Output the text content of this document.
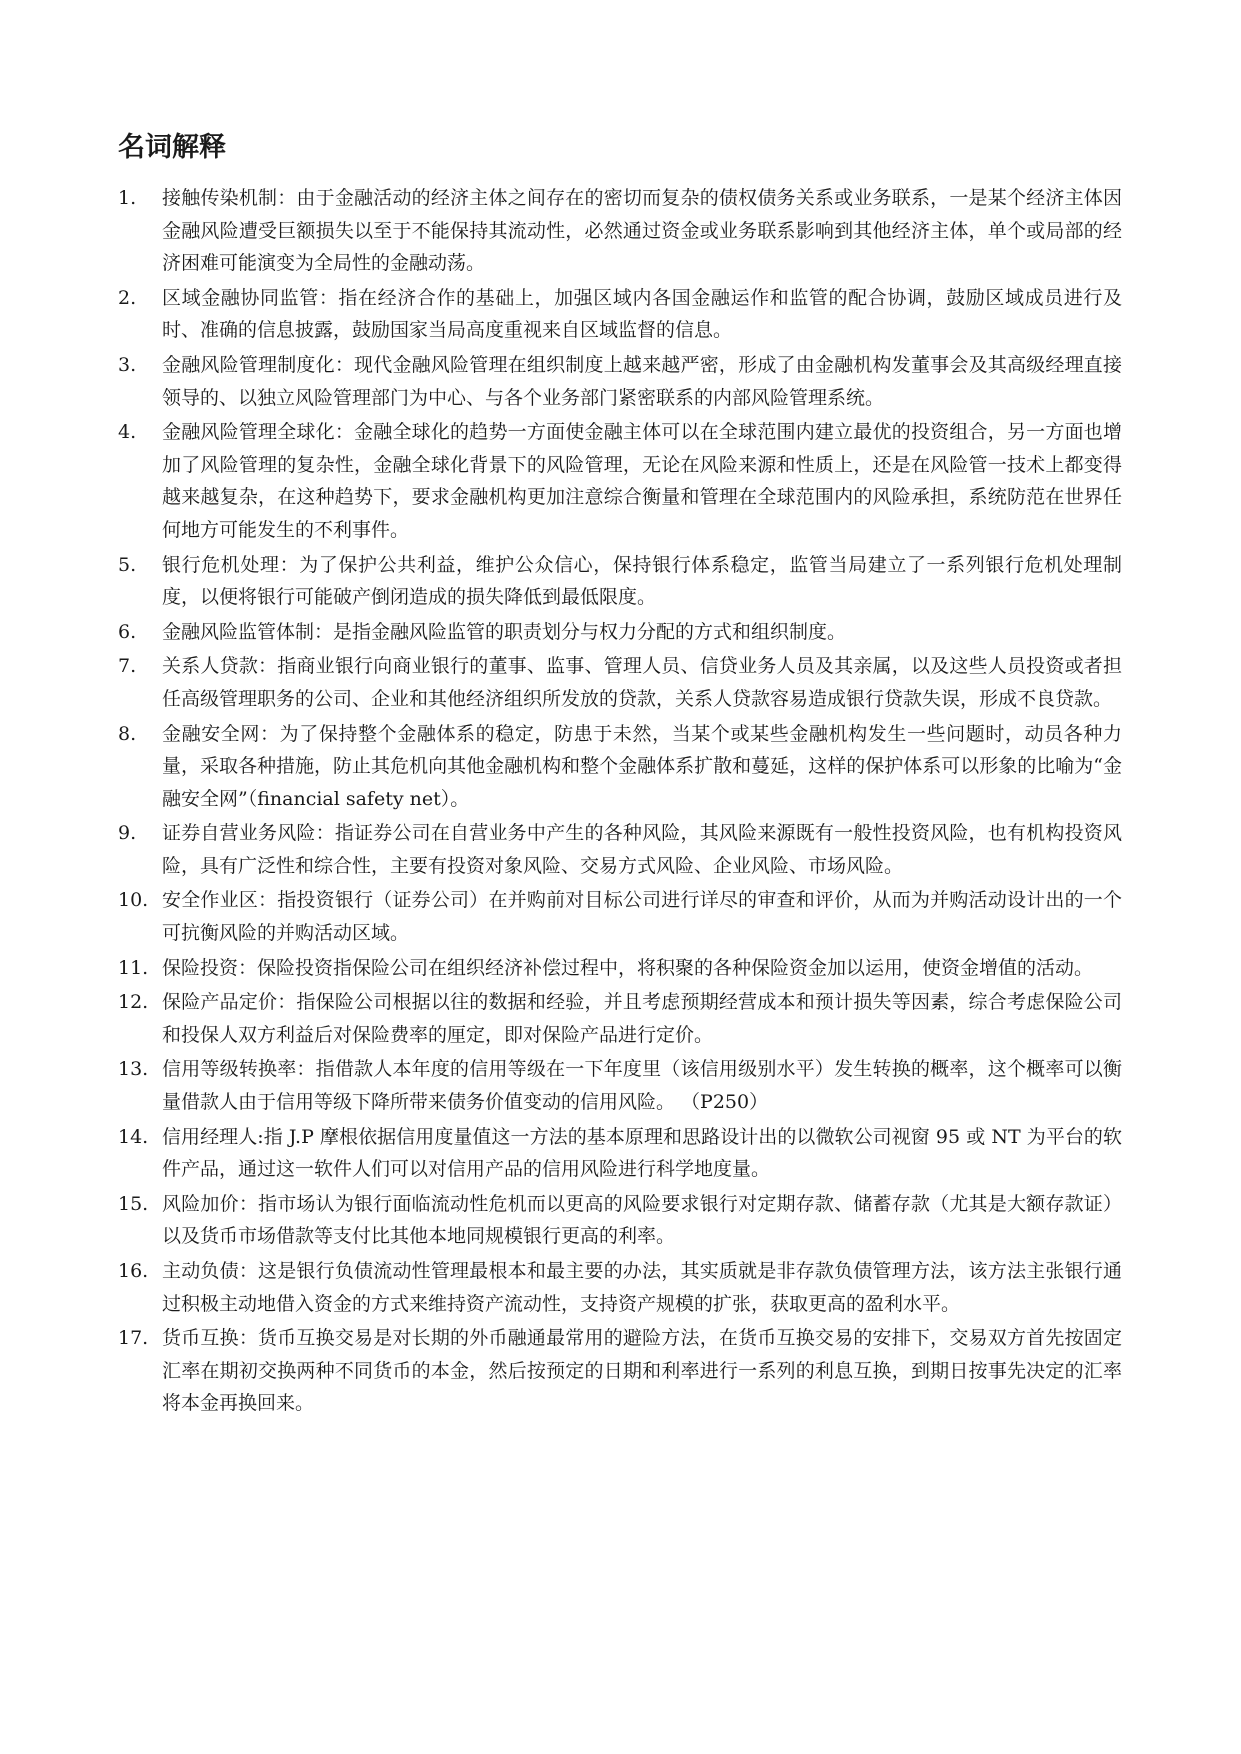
名词解释
1.	接触传染机制：由于金融活动的经济主体之间存在的密切而复杂的债权债务关系或业务联系，一是某个经济主体因金融风险遭受巨额损失以至于不能保持其流动性，必然通过资金或业务联系影响到其他经济主体，单个或局部的经济困难可能演变为全局性的金融动荡。
2.	区域金融协同监管：指在经济合作的基础上，加强区域内各国金融运作和监管的配合协调，鼓励区域成员进行及时、准确的信息披露，鼓励国家当局高度重视来自区域监督的信息。
3.	金融风险管理制度化：现代金融风险管理在组织制度上越来越严密，形成了由金融机构发董事会及其高级经理直接领导的、以独立风险管理部门为中心、与各个业务部门紧密联系的内部风险管理系统。
4.	金融风险管理全球化：金融全球化的趋势一方面使金融主体可以在全球范围内建立最优的投资组合，另一方面也增加了风险管理的复杂性，金融全球化背景下的风险管理，无论在风险来源和性质上，还是在风险管一技术上都变得越来越复杂，在这种趋势下，要求金融机构更加注意综合衡量和管理在全球范围内的风险承担，系统防范在世界任何地方可能发生的不利事件。
5.	银行危机处理：为了保护公共利益，维护公众信心，保持银行体系稳定，监管当局建立了一系列银行危机处理制度，以便将银行可能破产倒闭造成的损失降低到最低限度。
6.	金融风险监管体制：是指金融风险监管的职责划分与权力分配的方式和组织制度。
7.	关系人贷款：指商业银行向商业银行的董事、监事、管理人员、信贷业务人员及其亲属，以及这些人员投资或者担任高级管理职务的公司、企业和其他经济组织所发放的贷款，关系人贷款容易造成银行贷款失误，形成不良贷款。
8.	金融安全网：为了保持整个金融体系的稳定，防患于未然，当某个或某些金融机构发生一些问题时，动员各种力量，采取各种措施，防止其危机向其他金融机构和整个金融体系扩散和蔓延，这样的保护体系可以形象的比喻为“金融安全网”（financial safety net）。
9.	证券自营业务风险：指证券公司在自营业务中产生的各种风险，其风险来源既有一般性投资风险，也有机构投资风险，具有广泛性和综合性，主要有投资对象风险、交易方式风险、企业风险、市场风险。
10. 安全作业区：指投资银行（证券公司）在并购前对目标公司进行详尽的审查和评价，从而为并购活动设计出的一个可抗衡风险的并购活动区域。
11. 保险投资：保险投资指保险公司在组织经济补偿过程中，将积聚的各种保险资金加以运用，使资金增值的活动。
12. 保险产品定价：指保险公司根据以往的数据和经验，并且考虑预期经营成本和预计损失等因素，综合考虑保险公司和投保人双方利益后对保险费率的厘定，即对保险产品进行定价。
13. 信用等级转换率：指借款人本年度的信用等级在一下年度里（该信用级别水平）发生转换的概率，这个概率可以衡量借款人由于信用等级下降所带来债务价值变动的信用风险。 （P250）
14. 信用经理人:指 J.P 摩根依据信用度量值这一方法的基本原理和思路设计出的以微软公司视窗 95 或 NT 为平台的软件产品，通过这一软件人们可以对信用产品的信用风险进行科学地度量。
15. 风险加价：指市场认为银行面临流动性危机而以更高的风险要求银行对定期存款、储蓄存款（尤其是大额存款证）以及货币市场借款等支付比其他本地同规模银行更高的利率。
16. 主动负债：这是银行负债流动性管理最根本和最主要的办法，其实质就是非存款负债管理方法，该方法主张银行通过积极主动地借入资金的方式来维持资产流动性，支持资产规模的扩张，获取更高的盈利水平。
17. 货币互换：货币互换交易是对长期的外币融通最常用的避险方法，在货币互换交易的安排下，交易双方首先按固定汇率在期初交换两种不同货币的本金，然后按预定的日期和利率进行一系列的利息互换，到期日按事先决定的汇率将本金再换回来。
